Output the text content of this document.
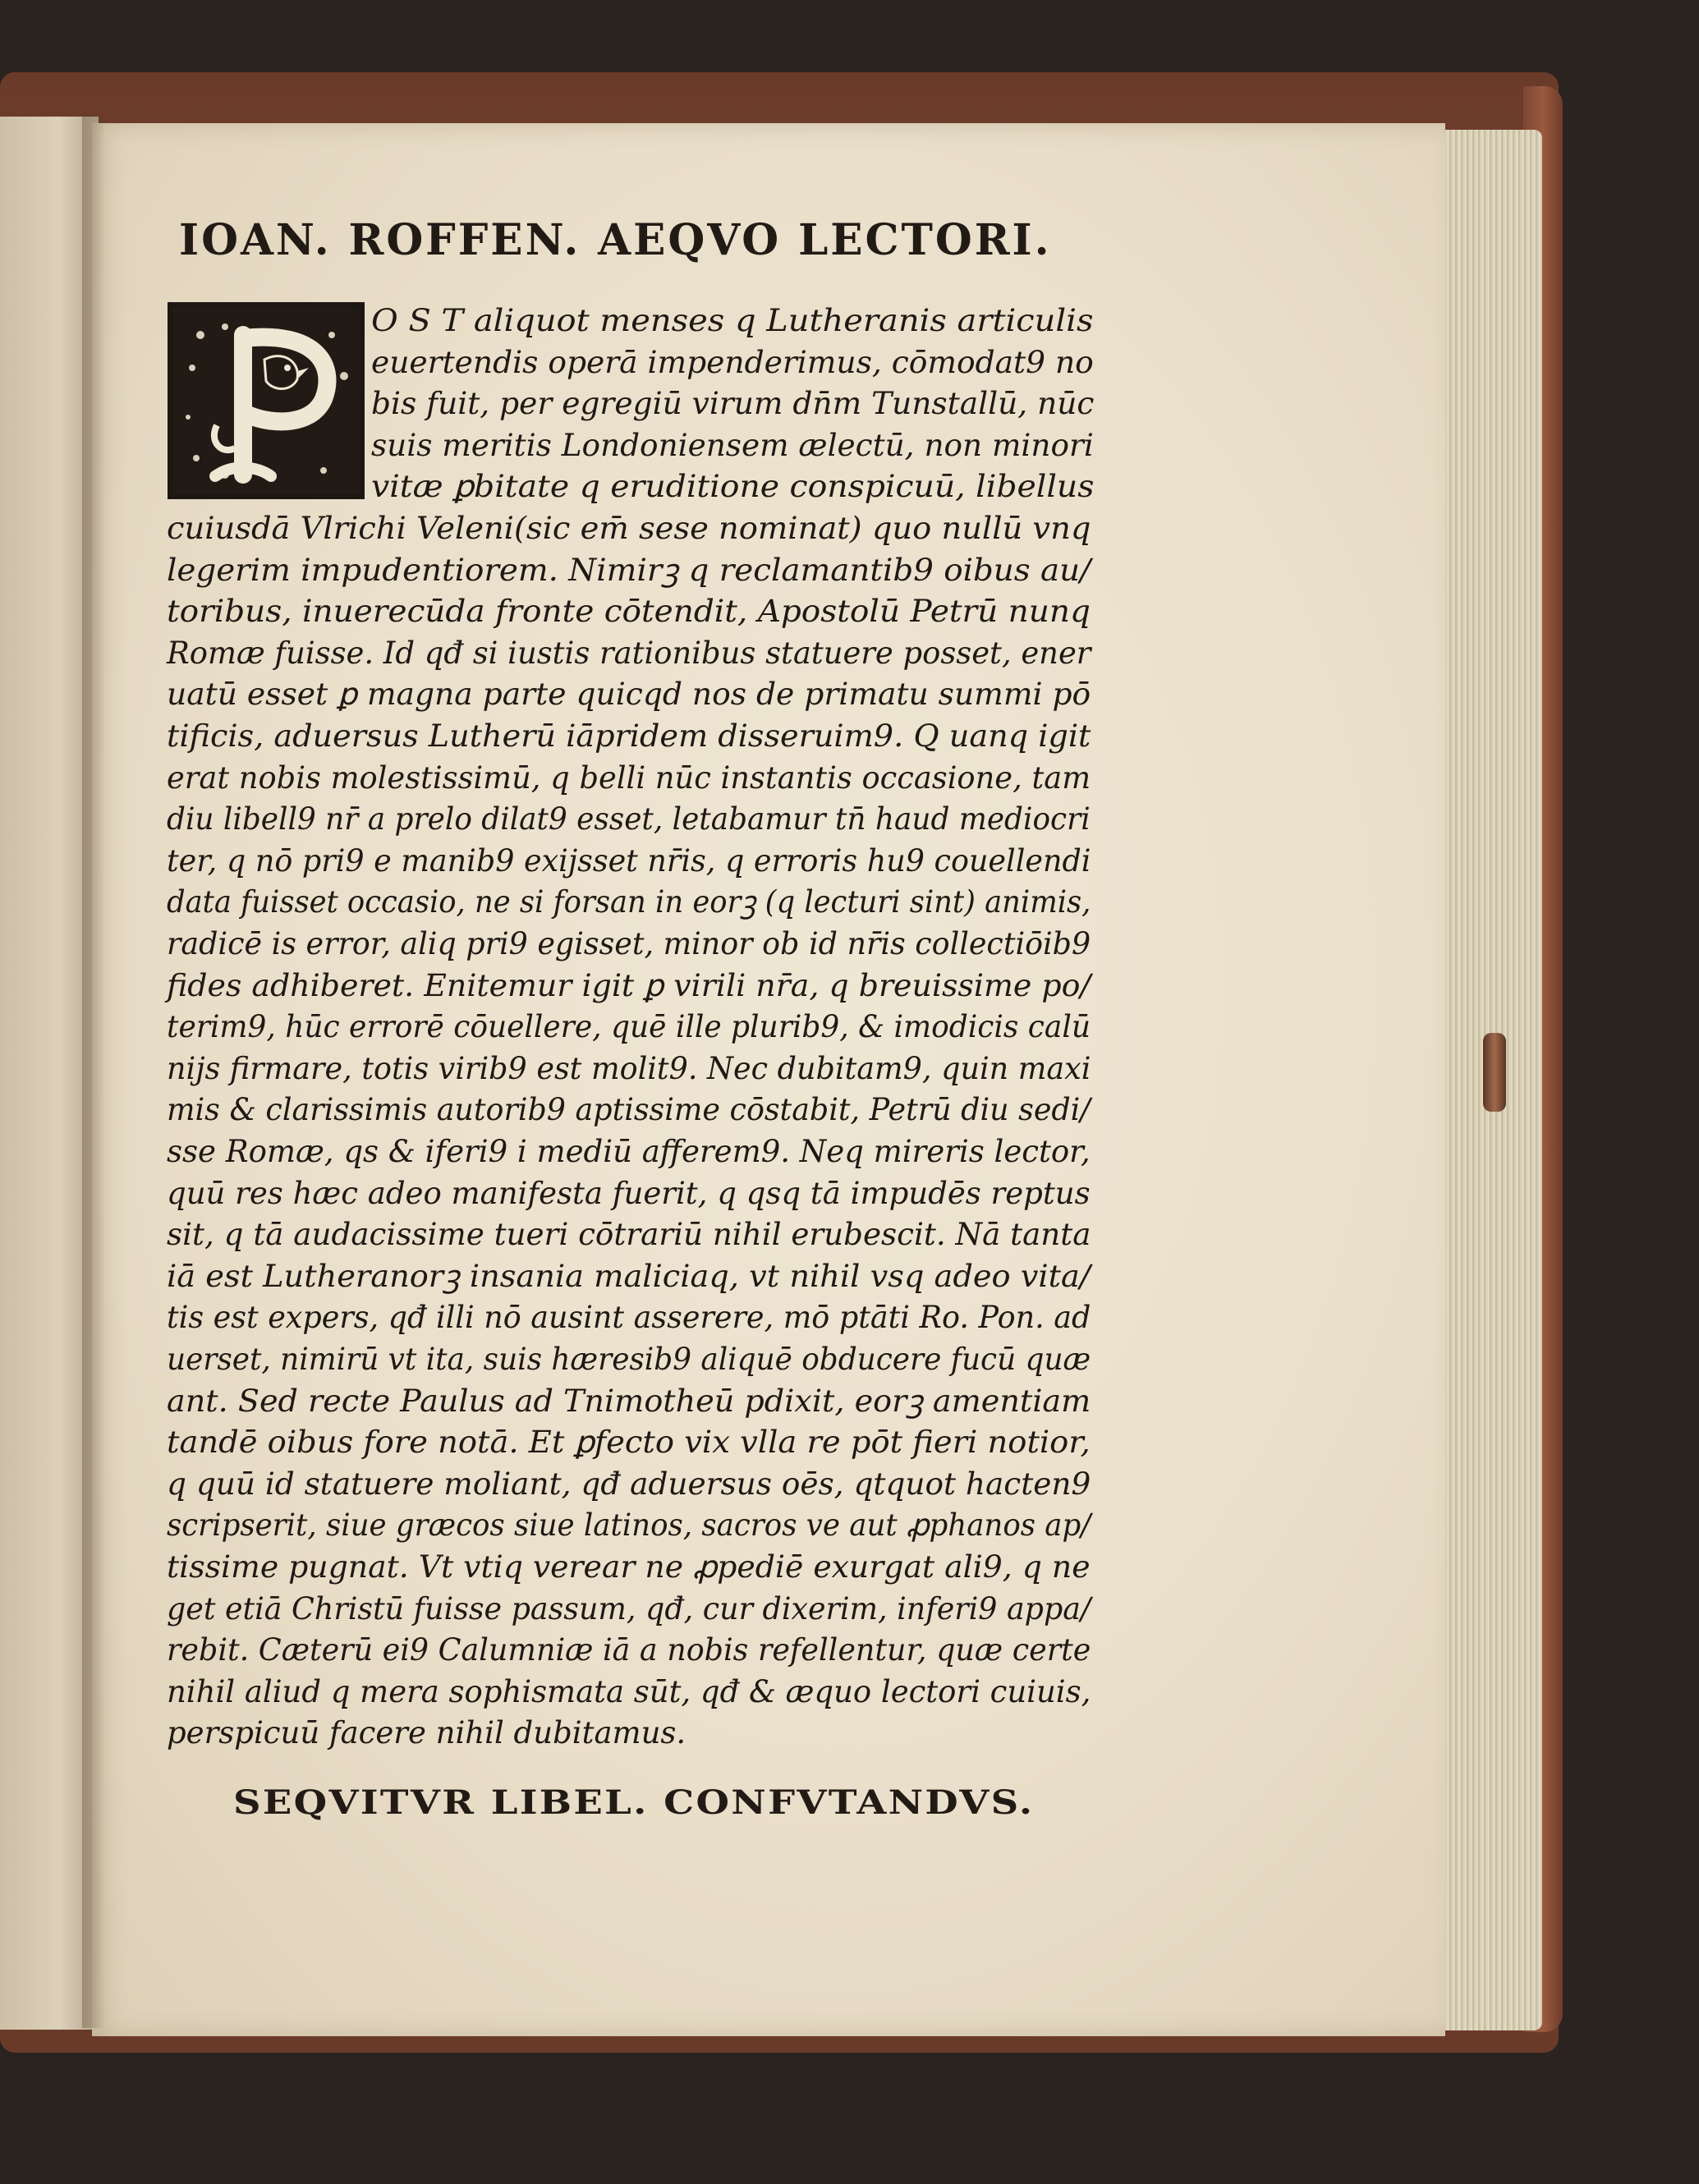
IOAN. ROFFEN. AEQVO LECTORI.
O S T aliquot menses q Lutheranis articulis
euertendis operā impenderimus, cōmodat9 no
bis fuit, per egregiū virum dn̄m Tunstallū, nūc
suis meritis Londoniensem ælectū, non minori
vitæ ꝑbitate q eruditione conspicuū, libellus
cuiusdā Vlrichi Veleni(sic em̄ sese nominat) quo nullū vnq
legerim impudentiorem. Nimirꝫ q reclamantib9 oibus au/
toribus, inuerecūda fronte cōtendit, Apostolū Petrū nunq
Romæ fuisse. Id qđ si iustis rationibus statuere posset, ener
uatū esset ꝑ magna parte quicqd nos de primatu summi pō
tificis, aduersus Lutherū iāpridem disseruim9. Q uanq igit
erat nobis molestissimū, q belli nūc instantis occasione, tam
diu libell9 nr̄ a prelo dilat9 esset, letabamur tn̄ haud mediocri
ter, q nō pri9 e manib9 exijsset nr̄is, q erroris hu9 couellendi
data fuisset occasio, ne si forsan in eorꝫ (q lecturi sint) animis,
radicē is error, aliq pri9 egisset, minor ob id nr̄is collectiōib9
fides adhiberet. Enitemur igit ꝑ virili nr̄a, q breuissime po/
terim9, hūc errorē cōuellere, quē ille plurib9, & imodicis calū
nijs firmare, totis virib9 est molit9. Nec dubitam9, quin maxi
mis & clarissimis autorib9 aptissime cōstabit, Petrū diu sedi/
sse Romæ, qs & iferi9 i mediū afferem9. Neq mireris lector,
quū res hæc adeo manifesta fuerit, q qsq tā impudēs reptus
sit, q tā audacissime tueri cōtrariū nihil erubescit. Nā tanta
iā est Lutheranorꝫ insania maliciaq, vt nihil vsq adeo vita/
tis est expers, qđ illi nō ausint asserere, mō ptāti Ro. Pon. ad
uerset, nimirū vt ita, suis hæresib9 aliquē obducere fucū quæ
ant. Sed recte Paulus ad Tnimotheū pdixit, eorꝫ amentiam
tandē oibus fore notā. Et ꝑfecto vix vlla re pōt fieri notior,
q quū id statuere moliant, qđ aduersus oēs, qtquot hacten9
scripserit, siue græcos siue latinos, sacros ve aut ꝓphanos ap/
tissime pugnat. Vt vtiq verear ne ꝓpediē exurgat ali9, q ne
get etiā Christū fuisse passum, qđ, cur dixerim, inferi9 appa/
rebit. Cæterū ei9 Calumniæ iā a nobis refellentur, quæ certe
nihil aliud q mera sophismata sūt, qđ & æquo lectori cuiuis,
perspicuū facere nihil dubitamus.
SEQVITVR LIBEL. CONFVTANDVS.
